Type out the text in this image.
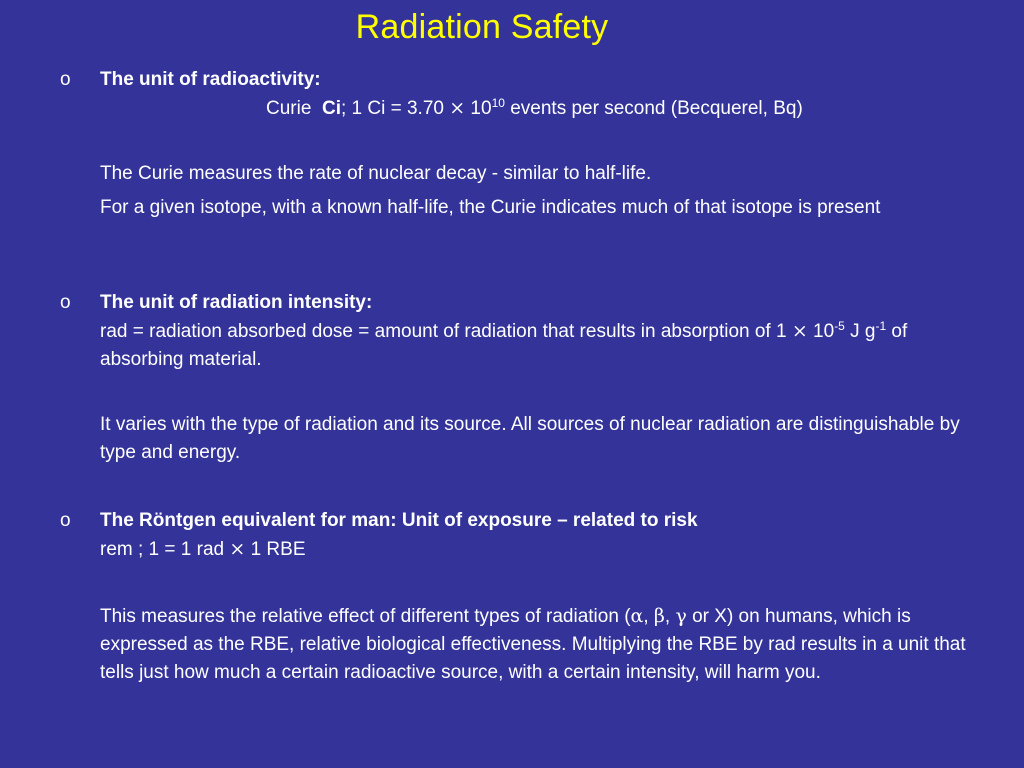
Radiation Safety
o The unit of radioactivity:
Curie Ci; 1 $Ci = 3.70 \times 10^{10}$ events per second (Becquerel, Bq)
The Curie measures the rate of nuclear decay - similar to half-life.
For a given isotope, with a known half-life, the Curie indicates much of that isotope is present
o The unit of radiation intensity:
rad = radiation absorbed dose = amount of radiation that results in absorption of $1 \times 10^{-5}$ J $g^{-1}$ of absorbing material.
It varies with the type of radiation and its source. All sources of nuclear radiation are distinguishable by type and energy.
o The Röntgen equivalent for man: Unit of exposure – related to risk
rem ; 1 = 1 rad × 1 RBE
This measures the relative effect of different types of radiation (α, β, γ or X) on humans, which is expressed as the RBE, relative biological effectiveness. Multiplying the RBE by rad results in a unit that tells just how much a certain radioactive source, with a certain intensity, will harm you.
